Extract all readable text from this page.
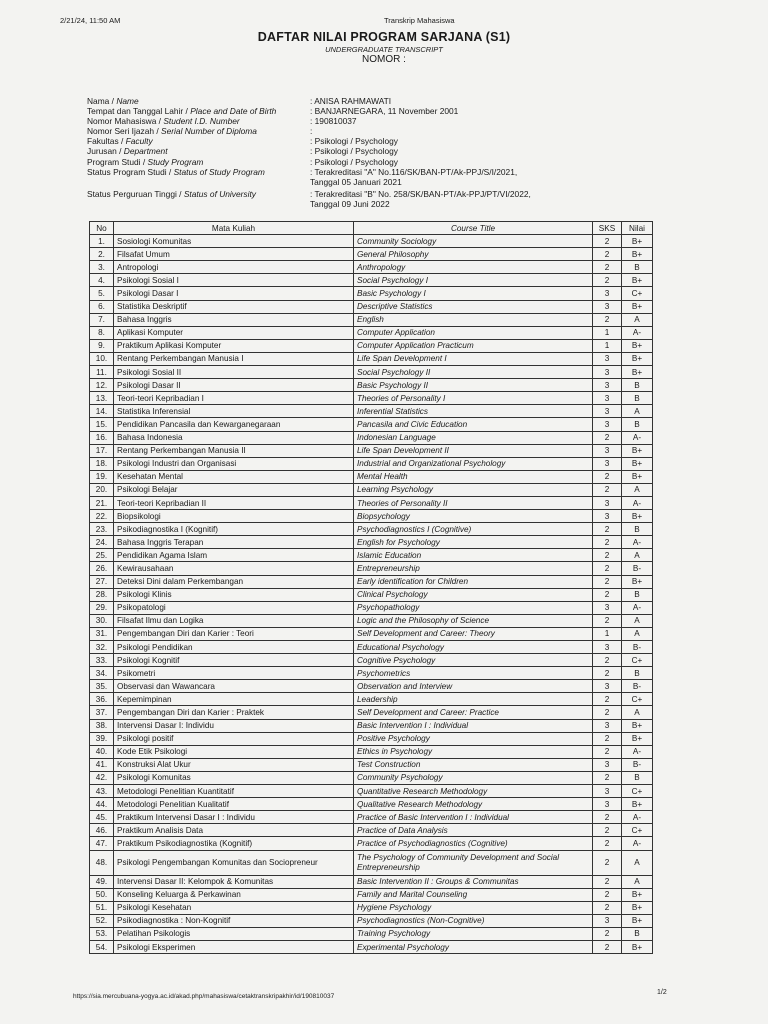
2/21/24, 11:50 AM	Transkrip Mahasiswa
DAFTAR NILAI PROGRAM SARJANA (S1)
UNDERGRADUATE TRANSCRIPT
NOMOR :
Nama / Name	: ANISA RAHMAWATI
Tempat dan Tanggal Lahir / Place and Date of Birth	: BANJARNEGARA, 11 November 2001
Nomor Mahasiswa / Student I.D. Number	: 190810037
Nomor Seri Ijazah / Serial Number of Diploma	:
Fakultas / Faculty	: Psikologi / Psychology
Jurusan / Department	: Psikologi / Psychology
Program Studi / Study Program	: Psikologi / Psychology
Status Program Studi / Status of Study Program	: Terakreditasi "A" No.116/SK/BAN-PT/Ak-PPJ/S/I/2021,
Tanggal 05 Januari 2021
Status Perguruan Tinggi / Status of University	: Terakreditasi "B" No. 258/SK/BAN-PT/Ak-PPJ/PT/VI/2022,
Tanggal 09 Juni 2022
No	Mata Kuliah	Course Title	SKS	Nilai
1.	Sosiologi Komunitas	Community Sociology	2	B+
2.	Filsafat Umum	General Philosophy	2	B+
3.	Antropologi	Anthropology	2	B
4.	Psikologi Sosial I	Social Psychology I	2	B+
5.	Psikologi Dasar I	Basic Psychology I	3	C+
6.	Statistika Deskriptif	Descriptive Statistics	3	B+
7.	Bahasa Inggris	English	2	A
8.	Aplikasi Komputer	Computer Application	1	A-
9.	Praktikum Aplikasi Komputer	Computer Application Practicum	1	B+
10.	Rentang Perkembangan Manusia I	Life Span Development I	3	B+
11.	Psikologi Sosial II	Social Psychology II	3	B+
12.	Psikologi Dasar II	Basic Psychology II	3	B
13.	Teori-teori Kepribadian I	Theories of Personality I	3	B
14.	Statistika Inferensial	Inferential Statistics	3	A
15.	Pendidikan Pancasila dan Kewarganegaraan	Pancasila and Civic Education	3	B
16.	Bahasa Indonesia	Indonesian Language	2	A-
17.	Rentang Perkembangan Manusia II	Life Span Development II	3	B+
18.	Psikologi Industri dan Organisasi	Industrial and Organizational Psychology	3	B+
19.	Kesehatan Mental	Mental Health	2	B+
20.	Psikologi Belajar	Learning Psychology	2	A
21.	Teori-teori Kepribadian II	Theories of Personality II	3	A-
22.	Biopsikologi	Biopsychology	3	B+
23.	Psikodiagnostika I (Kognitif)	Psychodiagnostics I (Cognitive)	2	B
24.	Bahasa Inggris Terapan	English for Psychology	2	A-
25.	Pendidikan Agama Islam	Islamic Education	2	A
26.	Kewirausahaan	Entrepreneurship	2	B-
27.	Deteksi Dini dalam Perkembangan	Early identification for Children	2	B+
28.	Psikologi Klinis	Clinical Psychology	2	B
29.	Psikopatologi	Psychopathology	3	A-
30.	Filsafat Ilmu dan Logika	Logic and the Philosophy of Science	2	A
31.	Pengembangan Diri dan Karier : Teori	Self Development and Career: Theory	1	A
32.	Psikologi Pendidikan	Educational Psychology	3	B-
33.	Psikologi Kognitif	Cognitive Psychology	2	C+
34.	Psikometri	Psychometrics	2	B
35.	Observasi dan Wawancara	Observation and Interview	3	B-
36.	Kepemimpinan	Leadership	2	C+
37.	Pengembangan Diri dan Karier : Praktek	Self Development and Career: Practice	2	A
38.	Intervensi Dasar I: Individu	Basic Intervention I : Individual	3	B+
39.	Psikologi positif	Positive Psychology	2	B+
40.	Kode Etik Psikologi	Ethics in Psychology	2	A-
41.	Konstruksi Alat Ukur	Test Construction	3	B-
42.	Psikologi Komunitas	Community Psychology	2	B
43.	Metodologi Penelitian Kuantitatif	Quantitative Research Methodology	3	C+
44.	Metodologi Penelitian Kualitatif	Qualitative Research Methodology	3	B+
45.	Praktikum Intervensi Dasar I : Individu	Practice of Basic Intervention I : Individual	2	A-
46.	Praktikum Analisis Data	Practice of Data Analysis	2	C+
47.	Praktikum Psikodiagnostika (Kognitif)	Practice of Psychodiagnostics (Cognitive)	2	A-
48.	Psikologi Pengembangan Komunitas dan Sociopreneur	The Psychology of Community Development and Social Entrepreneurship	2	A
49.	Intervensi Dasar II: Kelompok & Komunitas	Basic Intervention II : Groups & Communitas	2	A
50.	Konseling Keluarga & Perkawinan	Family and Marital Counseling	2	B+
51.	Psikologi Kesehatan	Hygiene Psychology	2	B+
52.	Psikodiagnostika : Non-Kognitif	Psychodiagnostics (Non-Cognitive)	3	B+
53.	Pelatihan Psikologis	Training Psychology	2	B
54.	Psikologi Eksperimen	Experimental Psychology	2	B+
https://sia.mercubuana-yogya.ac.id/akad.php/mahasiswa/cetaktranskripakhir/id/190810037
1/2
